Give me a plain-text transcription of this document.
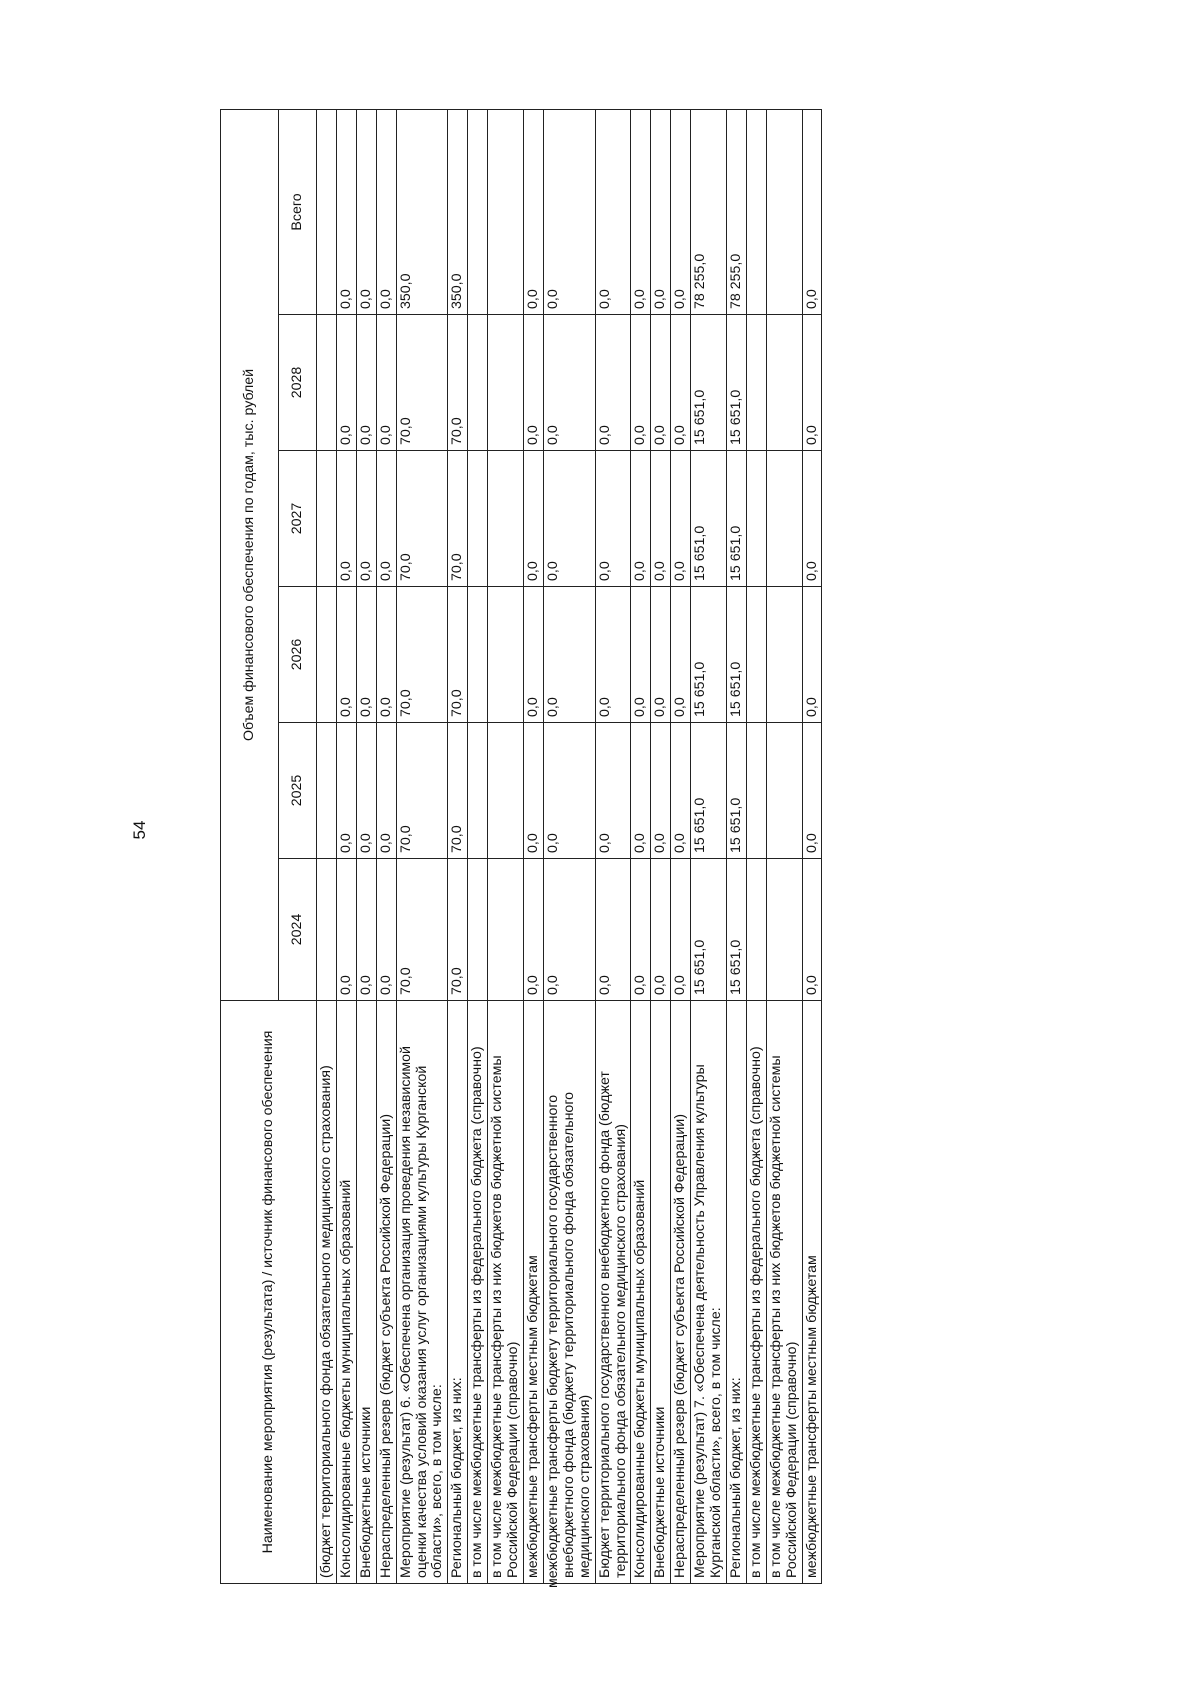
54
Наименование мероприятия (результата) / источник финансового обеспечения	Объем финансового обеспечения по годам, тыс. рублей					
	2024	2025	2026	2027	2028	Всего
(бюджет территориального фонда обязательного медицинского страхования)						
Консолидированные бюджеты муниципальных образований	0,0	0,0	0,0	0,0	0,0	0,0
Внебюджетные источники	0,0	0,0	0,0	0,0	0,0	0,0
Нераспределенный резерв (бюджет субъекта Российской Федерации)	0,0	0,0	0,0	0,0	0,0	0,0
Мероприятие (результат) 6. «Обеспечена организация проведения независимой оценки качества условий оказания услуг организациями культуры Курганской области», всего, в том числе:	70,0	70,0	70,0	70,0	70,0	350,0
Региональный бюджет, из них:	70,0	70,0	70,0	70,0	70,0	350,0
в том числе межбюджетные трансферты из федерального бюджета (справочно)						
в том числе межбюджетные трансферты из них бюджетов бюджетной системы Российской Федерации (справочно)						
межбюджетные трансферты местным бюджетам	0,0	0,0	0,0	0,0	0,0	0,0
межбюджетные трансферты бюджету территориального государственного внебюджетного фонда (бюджету территориального фонда обязательного медицинского страхования)	0,0	0,0	0,0	0,0	0,0	0,0
Бюджет территориального государственного внебюджетного фонда (бюджет территориального фонда обязательного медицинского страхования)	0,0	0,0	0,0	0,0	0,0	0,0
Консолидированные бюджеты муниципальных образований	0,0	0,0	0,0	0,0	0,0	0,0
Внебюджетные источники	0,0	0,0	0,0	0,0	0,0	0,0
Нераспределенный резерв (бюджет субъекта Российской Федерации)	0,0	0,0	0,0	0,0	0,0	0,0
Мероприятие (результат) 7. «Обеспечена деятельность Управления культуры Курганской области», всего, в том числе:	15 651,0	15 651,0	15 651,0	15 651,0	15 651,0	78 255,0
Региональный бюджет, из них:	15 651,0	15 651,0	15 651,0	15 651,0	15 651,0	78 255,0
в том числе межбюджетные трансферты из федерального бюджета (справочно)						
в том числе межбюджетные трансферты из них бюджетов бюджетной системы Российской Федерации (справочно)						
межбюджетные трансферты местным бюджетам	0,0	0,0	0,0	0,0	0,0	0,0
